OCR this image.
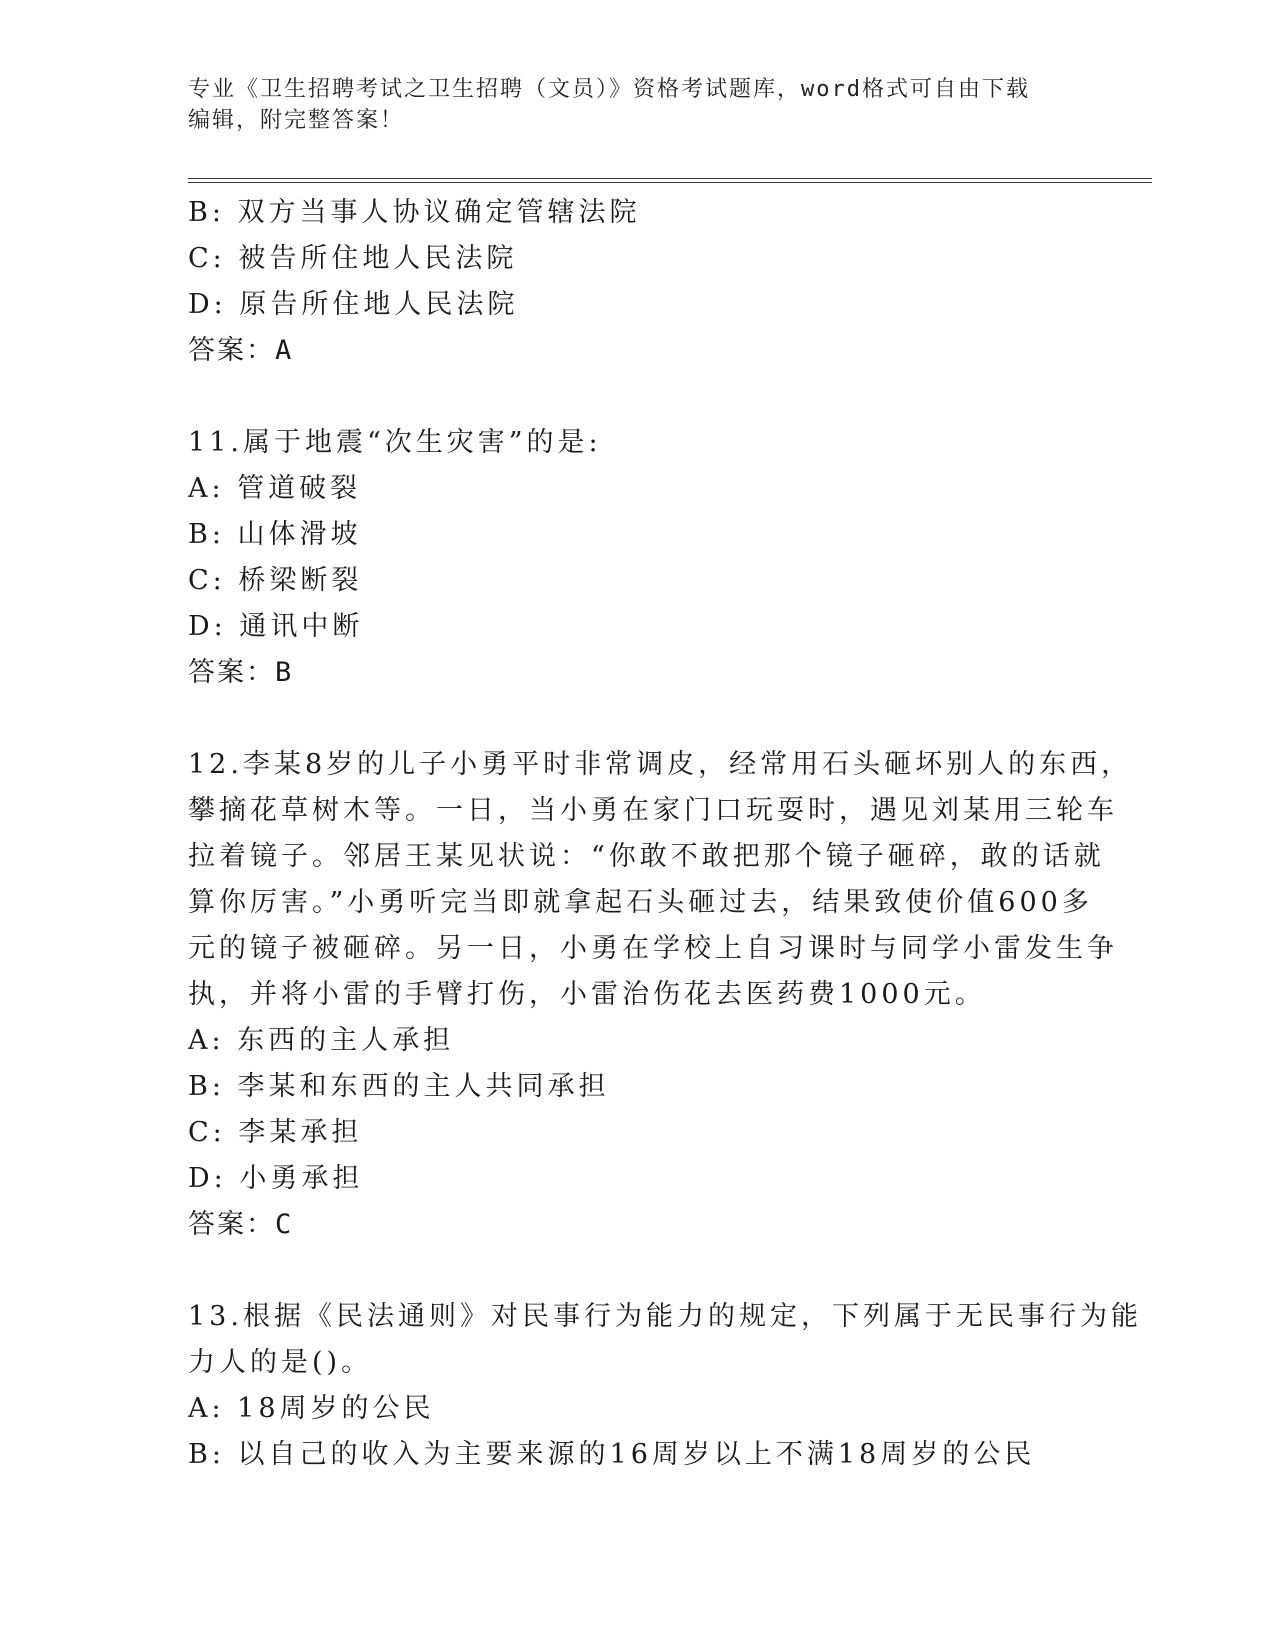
专业《卫生招聘考试之卫生招聘（文员）》资格考试题库，word格式可自由下载
编辑，附完整答案！
B: 双方当事人协议确定管辖法院
C: 被告所住地人民法院
D: 原告所住地人民法院
答案：A
11.属于地震“次生灾害”的是:
A: 管道破裂
B: 山体滑坡
C: 桥梁断裂
D: 通讯中断
答案：B
12.李某8岁的儿子小勇平时非常调皮，经常用石头砸坏别人的东西，
攀摘花草树木等。一日，当小勇在家门口玩耍时，遇见刘某用三轮车
拉着镜子。邻居王某见状说：“你敢不敢把那个镜子砸碎，敢的话就
算你厉害。”小勇听完当即就拿起石头砸过去，结果致使价值600多
元的镜子被砸碎。另一日，小勇在学校上自习课时与同学小雷发生争
执，并将小雷的手臂打伤，小雷治伤花去医药费1000元。
A: 东西的主人承担
B: 李某和东西的主人共同承担
C: 李某承担
D: 小勇承担
答案：C
13.根据《民法通则》对民事行为能力的规定，下列属于无民事行为能
力人的是()。
A: 18周岁的公民
B: 以自己的收入为主要来源的16周岁以上不满18周岁的公民
